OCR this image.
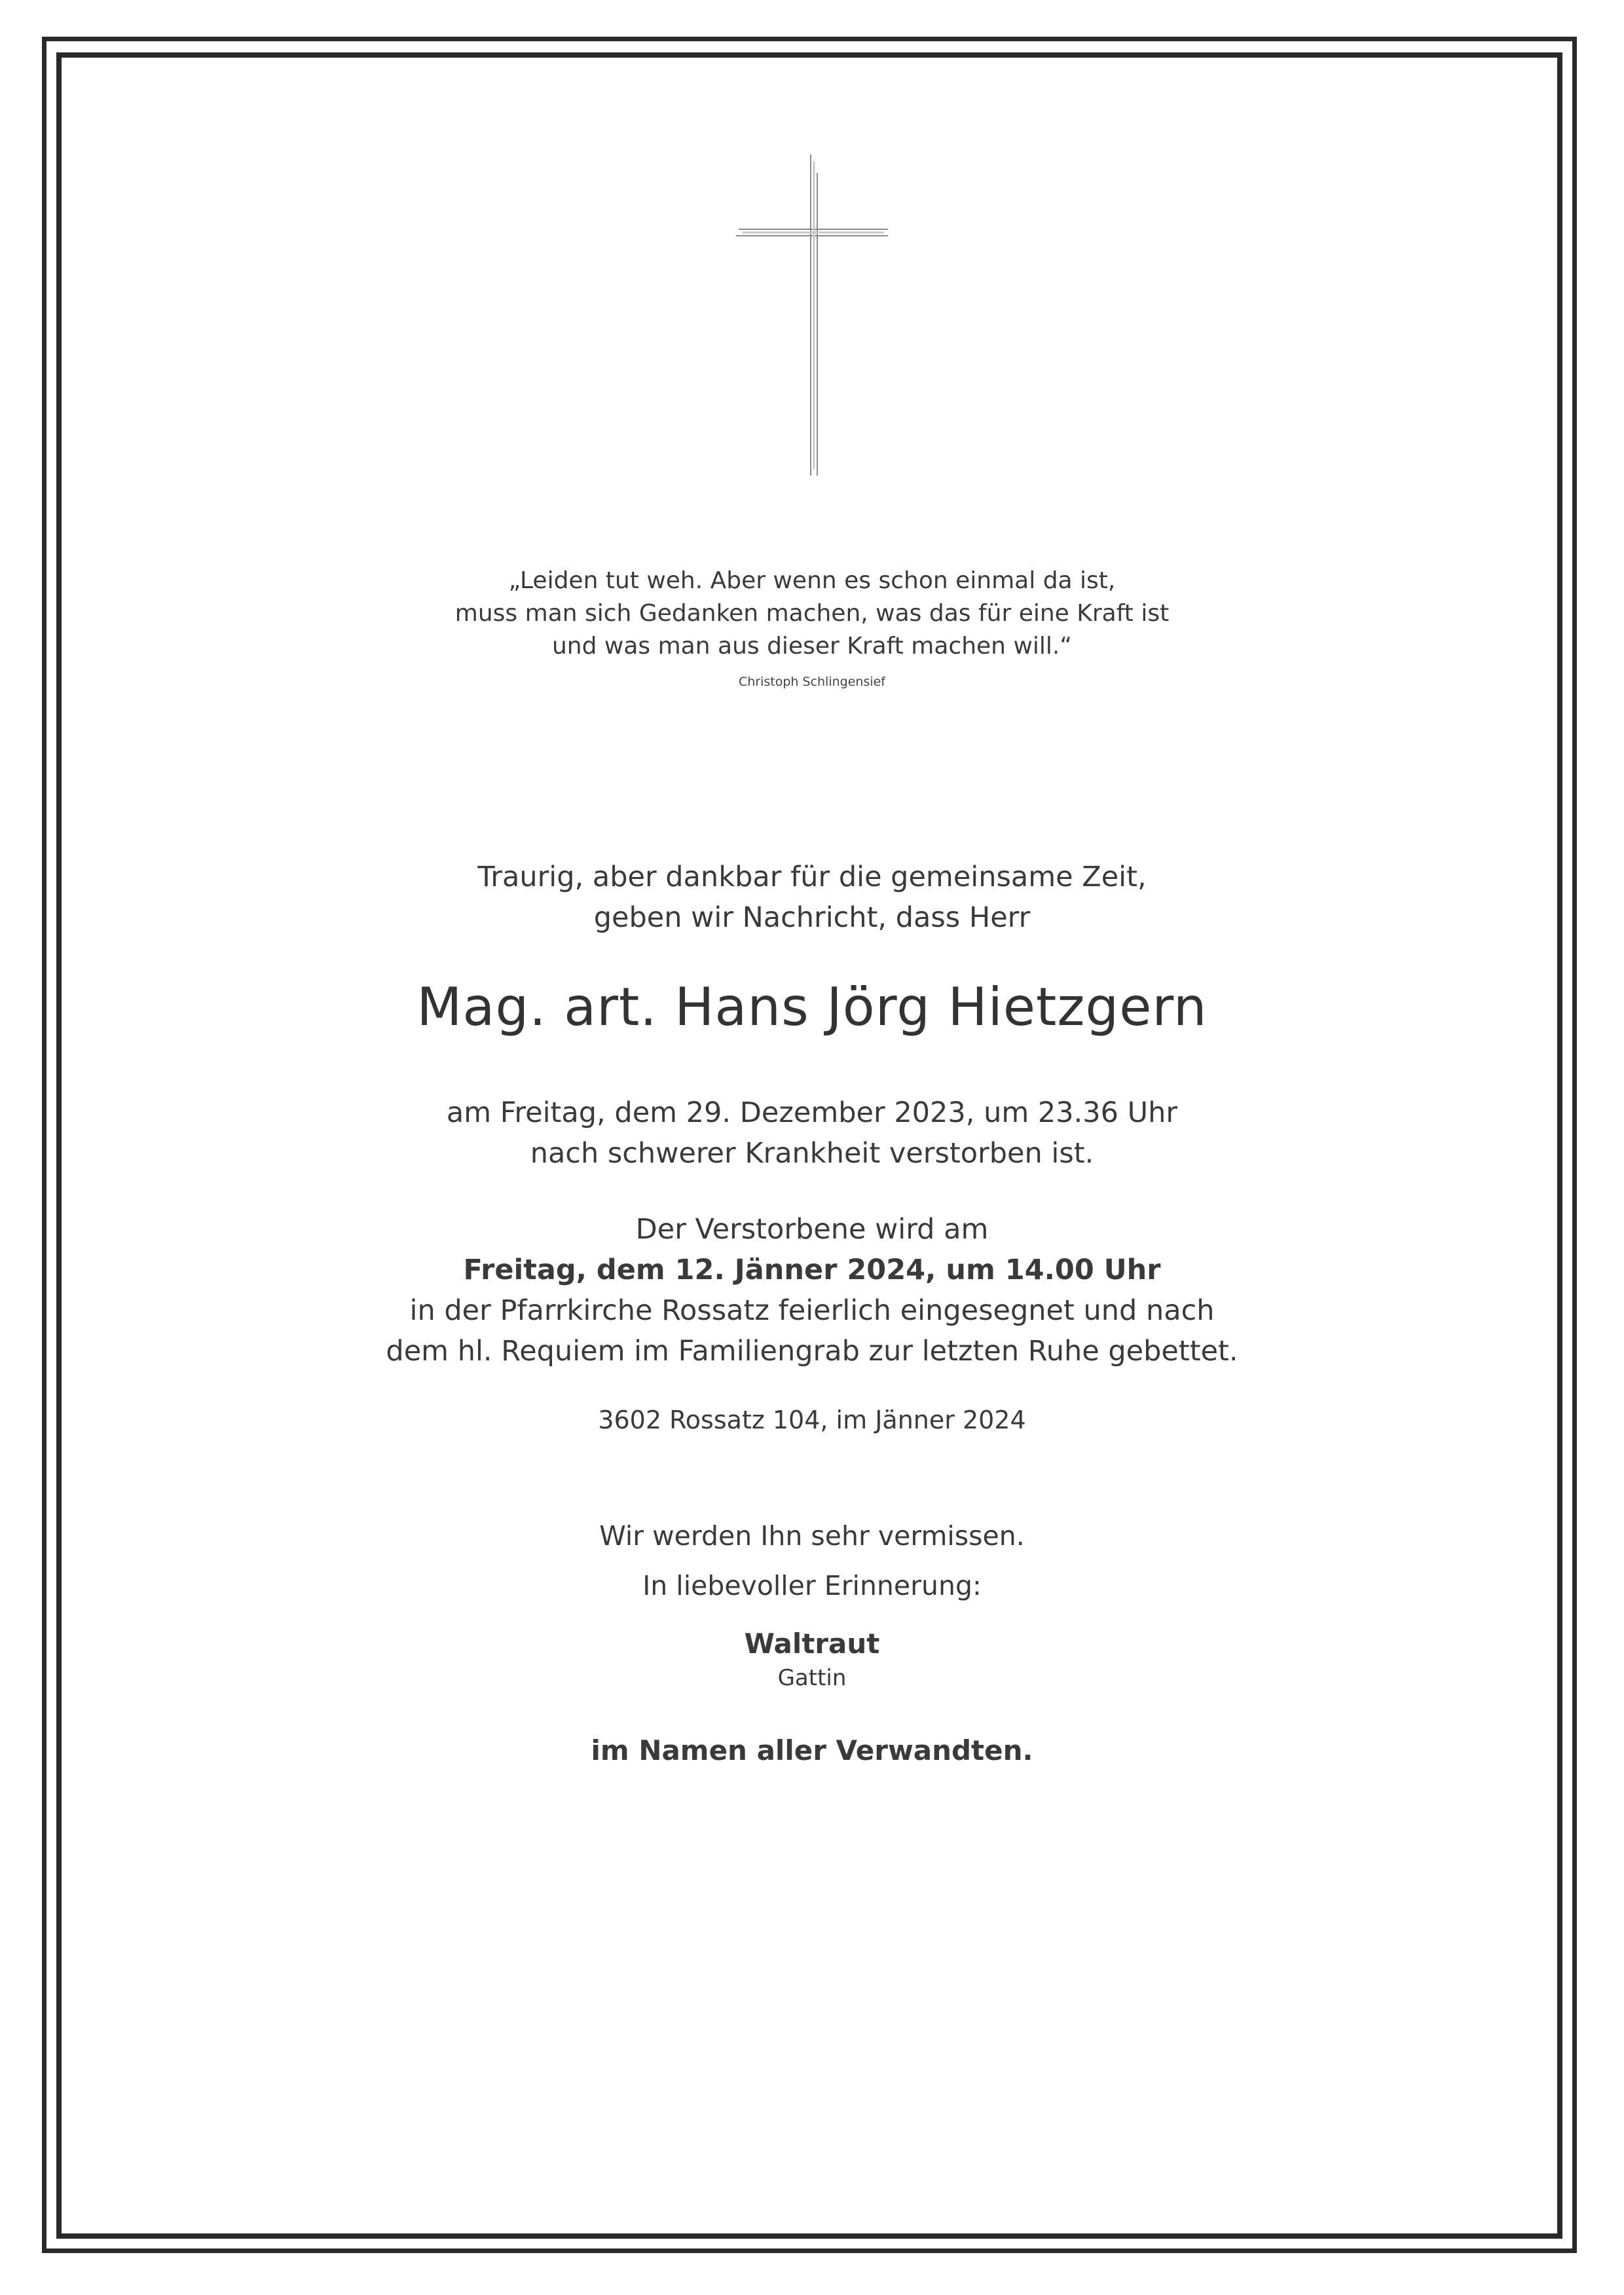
„Leiden tut weh. Aber wenn es schon einmal da ist,
muss man sich Gedanken machen, was das für eine Kraft ist
und was man aus dieser Kraft machen will.“
Christoph Schlingensief
Traurig, aber dankbar für die gemeinsame Zeit,
geben wir Nachricht, dass Herr
Mag. art. Hans Jörg Hietzgern
am Freitag, dem 29. Dezember 2023, um 23.36 Uhr
nach schwerer Krankheit verstorben ist.
Der Verstorbene wird am
Freitag, dem 12. Jänner 2024, um 14.00 Uhr
in der Pfarrkirche Rossatz feierlich eingesegnet und nach
dem hl. Requiem im Familiengrab zur letzten Ruhe gebettet.
3602 Rossatz 104, im Jänner 2024
Wir werden Ihn sehr vermissen.
In liebevoller Erinnerung:
Waltraut
Gattin
im Namen aller Verwandten.
